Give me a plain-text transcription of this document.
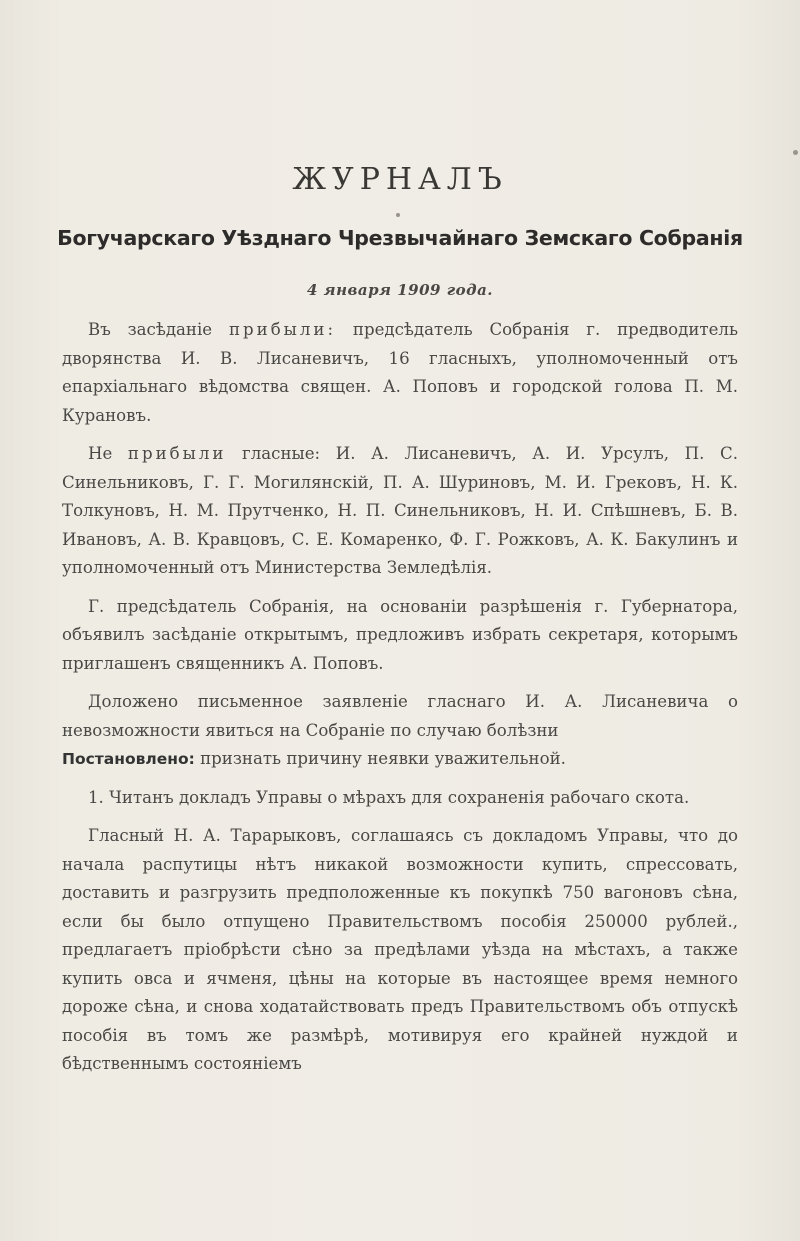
ЖУРНАЛЪ
Богучарскаго Уѣзднаго Чрезвычайнаго Земскаго Собранія
4 января 1909 года.

Въ засѣданіе прибыли: предсѣдатель Собранія г. предводитель дворянства И. В. Лисаневичъ, 16 гласныхъ, уполномоченный отъ епархіальнаго вѣдомства священ. А. Поповъ и городской голова П. М. Курановъ.

Не прибыли гласные: И. А. Лисаневичъ, А. И. Урсулъ, П. С. Синельниковъ, Г. Г. Могилянскій, П. А. Шуриновъ, М. И. Грековъ, Н. К. Толкуновъ, Н. М. Прутченко, Н. П. Синельниковъ, Н. И. Спѣшневъ, Б. В. Ивановъ, А. В. Кравцовъ, С. Е. Комаренко, Ф. Г. Рожковъ, А. К. Бакулинъ и уполномоченный отъ Министерства Земледѣлія.

Г. предсѣдатель Собранія, на основаніи разрѣшенія г. Губернатора, объявилъ засѣданіе открытымъ, предложивъ избрать секретаря, которымъ приглашенъ священникъ А. Поповъ.

Доложено письменное заявленіе гласнаго И. А. Лисаневича о невозможности явиться на Собраніе по случаю болѣзни
Постановлено: признать причину неявки уважительной.

1. Читанъ докладъ Управы о мѣрахъ для сохраненія рабочаго скота.

Гласный Н. А. Тарарыковъ, соглашаясь съ докладомъ Управы, что до начала распутицы нѣтъ никакой возможности купить, спрессовать, доставить и разгрузить предположенные къ покупкѣ 750 вагоновъ сѣна, если бы было отпущено Правительствомъ пособія 250000 рублей., предлагаетъ пріобрѣсти сѣно за предѣлами уѣзда на мѣстахъ, а также купить овса и ячменя, цѣны на которые въ настоящее время немного дороже сѣна, и снова ходатайствовать предъ Правительствомъ объ отпускѣ пособія въ томъ же размѣрѣ, мотивируя его крайней нуждой и бѣдственнымъ состояніемъ
